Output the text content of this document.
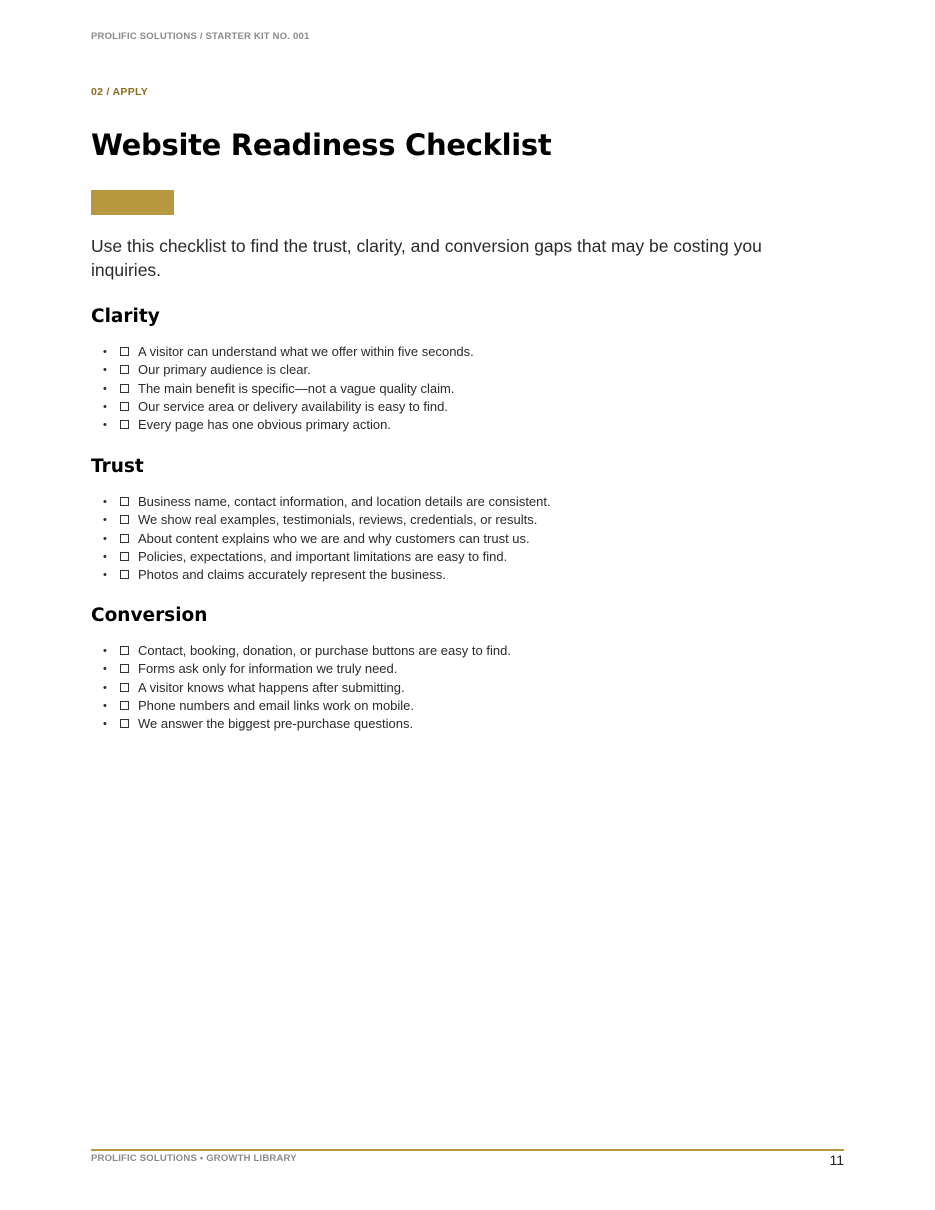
PROLIFIC SOLUTIONS / STARTER KIT NO. 001
02 / APPLY
Website Readiness Checklist

Use this checklist to find the trust, clarity, and conversion gaps that may be costing you inquiries.

Clarity
• A visitor can understand what we offer within five seconds.
• Our primary audience is clear.
• The main benefit is specific—not a vague quality claim.
• Our service area or delivery availability is easy to find.
• Every page has one obvious primary action.
Trust
• Business name, contact information, and location details are consistent.
• We show real examples, testimonials, reviews, credentials, or results.
• About content explains who we are and why customers can trust us.
• Policies, expectations, and important limitations are easy to find.
• Photos and claims accurately represent the business.
Conversion
• Contact, booking, donation, or purchase buttons are easy to find.
• Forms ask only for information we truly need.
• A visitor knows what happens after submitting.
• Phone numbers and email links work on mobile.
• We answer the biggest pre-purchase questions.
PROLIFIC SOLUTIONS • GROWTH LIBRARY	11
